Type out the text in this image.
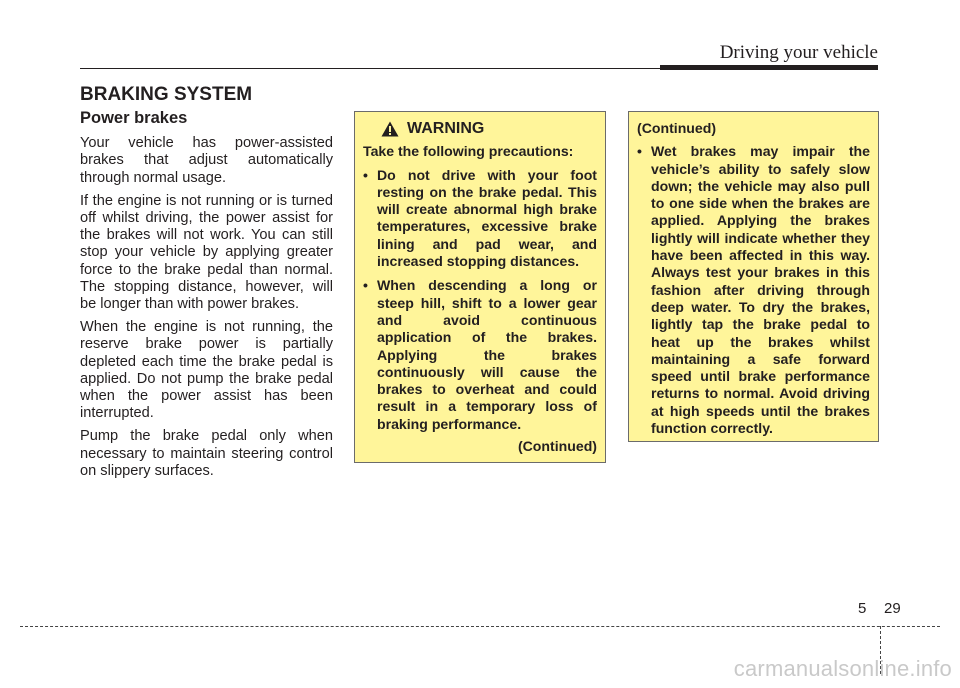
Driving your vehicle
BRAKING SYSTEM
Power brakes

Your vehicle has power-assisted brakes that adjust automatically through normal usage.

If the engine is not running or is turned off whilst driving, the power assist for the brakes will not work. You can still stop your vehicle by applying greater force to the brake pedal than normal. The stopping distance, however, will be longer than with power brakes.

When the engine is not running, the reserve brake power is partially depleted each time the brake pedal is applied. Do not pump the brake pedal when the power assist has been interrupted.

Pump the brake pedal only when necessary to maintain steering control on slippery surfaces.

WARNING

Take the following precautions:

• Do not drive with your foot resting on the brake pedal. This will create abnormal high brake temperatures, excessive brake lining and pad wear, and increased stopping distances.
• When descending a long or steep hill, shift to a lower gear and avoid continuous application of the brakes. Applying the brakes continuously will cause the brakes to overheat and could result in a temporary loss of braking performance.
(Continued)

(Continued)

• Wet brakes may impair the vehicle’s ability to safely slow down; the vehicle may also pull to one side when the brakes are applied. Applying the brakes lightly will indicate whether they have been affected in this way. Always test your brakes in this fashion after driving through deep water. To dry the brakes, lightly tap the brake pedal to heat up the brakes whilst maintaining a safe forward speed until brake performance returns to normal. Avoid driving at high speeds until the brakes function correctly.
5 29
carmanualsonline.info
